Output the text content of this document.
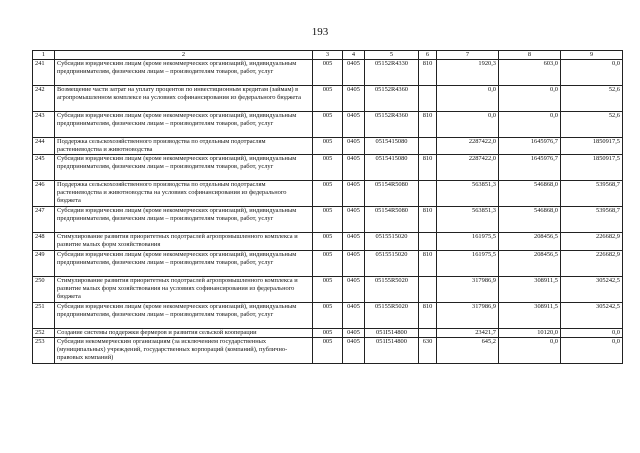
193
1	2	3	4	5	6	7	8	9
241	Субсидии юридическим лицам (кроме некоммерческих организаций), индивидуальным предпринимателям, физическим лицам – производителям товаров, работ, услуг	005	0405	05152R4330	810	1920,3	603,0	0,0
242	Возмещение части затрат на уплату процентов по инвестиционным кредитам (займам) в агропромышленном комплексе на условиях софинансирования из федерального бюджета	005	0405	05152R4360		0,0	0,0	52,6
243	Субсидии юридическим лицам (кроме некоммерческих организаций), индивидуальным предпринимателям, физическим лицам – производителям товаров, работ, услуг	005	0405	05152R4360	810	0,0	0,0	52,6
244	Поддержка сельскохозяйственного производства по отдельным подотраслям растениеводства и животноводства	005	0405	0515415080		2287422,0	1645976,7	1850917,5
245	Субсидии юридическим лицам (кроме некоммерческих организаций), индивидуальным предпринимателям, физическим лицам – производителям товаров, работ, услуг	005	0405	0515415080	810	2287422,0	1645976,7	1850917,5
246	Поддержка сельскохозяйственного производства по отдельным подотраслям растениеводства и животноводства на условиях софинансирования из федерального бюджета	005	0405	05154R5080		563851,3	546868,0	539568,7
247	Субсидии юридическим лицам (кроме некоммерческих организаций), индивидуальным предпринимателям, физическим лицам – производителям товаров, работ, услуг	005	0405	05154R5080	810	563851,3	546868,0	539568,7
248	Стимулирование развития приоритетных подотраслей агропромышленного комплекса и развитие малых форм хозяйствования	005	0405	0515515020		161975,5	208456,5	226682,9
249	Субсидии юридическим лицам (кроме некоммерческих организаций), индивидуальным предпринимателям, физическим лицам – производителям товаров, работ, услуг	005	0405	0515515020	810	161975,5	208456,5	226682,9
250	Стимулирование развития приоритетных подотраслей агропромышленного комплекса и развитие малых форм хозяйствования на условиях софинансирования из федерального бюджета	005	0405	05155R5020		317986,9	308911,5	305242,5
251	Субсидии юридическим лицам (кроме некоммерческих организаций), индивидуальным предпринимателям, физическим лицам – производителям товаров, работ, услуг	005	0405	05155R5020	810	317986,9	308911,5	305242,5
252	Создание системы поддержки фермеров и развития сельской кооперации	005	0405	051I514800		23421,7	10120,0	0,0
253	Субсидии некоммерческим организациям (за исключением государственных (муниципальных) учреждений, государственных корпораций (компаний), публично-правовых компаний)	005	0405	051I514800	630	645,2	0,0	0,0
